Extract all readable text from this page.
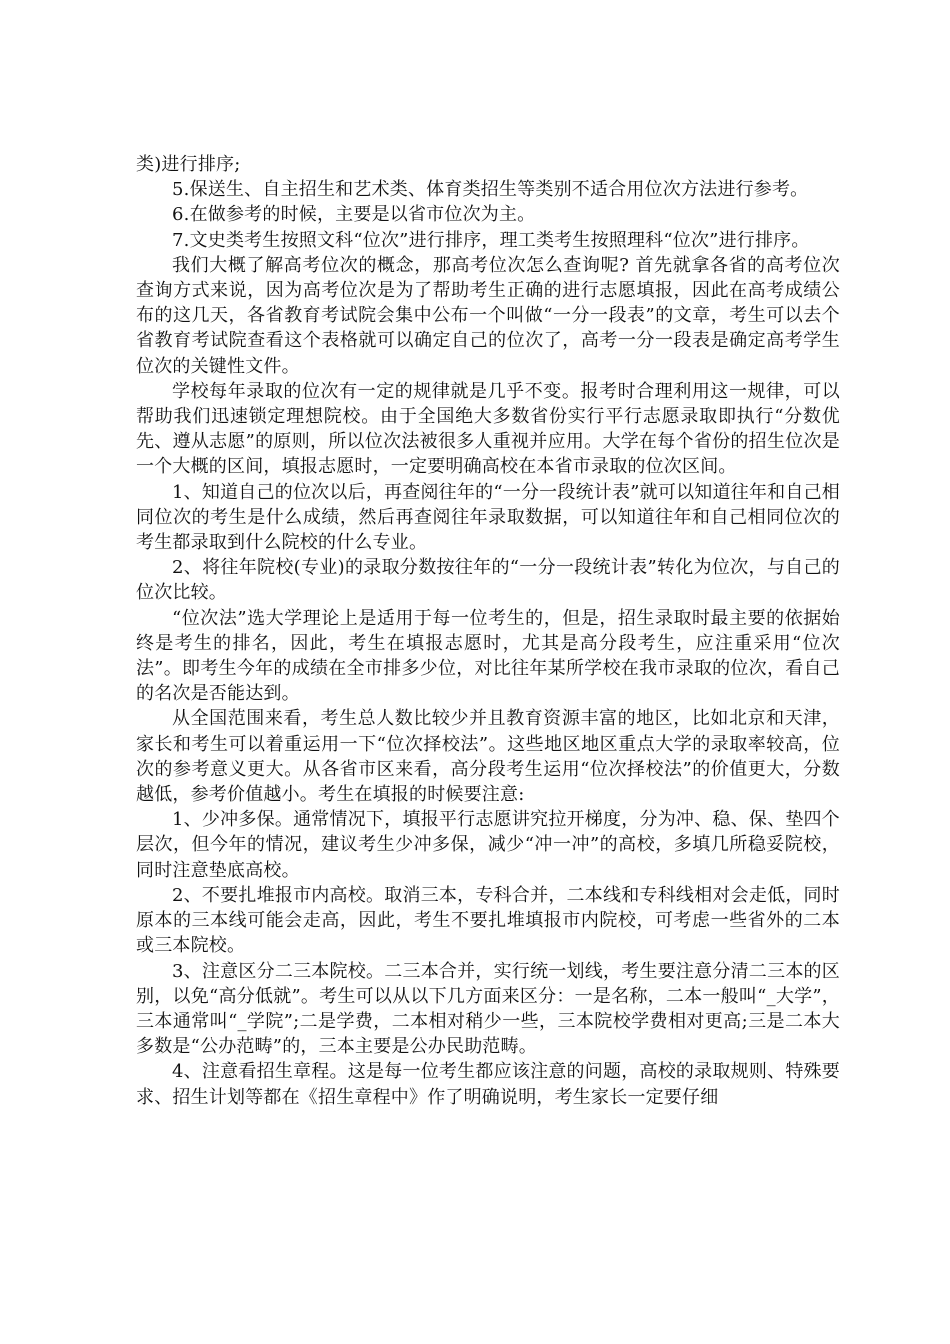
类)进行排序;

5.保送生、自主招生和艺术类、体育类招生等类别不适合用位次方法进行参考。

6.在做参考的时候，主要是以省市位次为主。

7.文史类考生按照文科“位次”进行排序，理工类考生按照理科“位次”进行排序。

我们大概了解高考位次的概念，那高考位次怎么查询呢? 首先就拿各省的高考位次查询方式来说，因为高考位次是为了帮助考生正确的进行志愿填报，因此在高考成绩公布的这几天，各省教育考试院会集中公布一个叫做“一分一段表”的文章，考生可以去个省教育考试院查看这个表格就可以确定自己的位次了，高考一分一段表是确定高考学生位次的关键性文件。

学校每年录取的位次有一定的规律就是几乎不变。报考时合理利用这一规律，可以帮助我们迅速锁定理想院校。由于全国绝大多数省份实行平行志愿录取即执行“分数优先、遵从志愿”的原则，所以位次法被很多人重视并应用。大学在每个省份的招生位次是一个大概的区间，填报志愿时，一定要明确高校在本省市录取的位次区间。

1、知道自己的位次以后，再查阅往年的“一分一段统计表”就可以知道往年和自己相同位次的考生是什么成绩，然后再查阅往年录取数据，可以知道往年和自己相同位次的考生都录取到什么院校的什么专业。

2、将往年院校(专业)的录取分数按往年的“一分一段统计表”转化为位次，与自己的位次比较。

“位次法”选大学理论上是适用于每一位考生的，但是，招生录取时最主要的依据始终是考生的排名，因此，考生在填报志愿时，尤其是高分段考生，应注重采用“位次法”。即考生今年的成绩在全市排多少位，对比往年某所学校在我市录取的位次，看自己的名次是否能达到。

从全国范围来看，考生总人数比较少并且教育资源丰富的地区，比如北京和天津，家长和考生可以着重运用一下“位次择校法”。这些地区地区重点大学的录取率较高，位次的参考意义更大。从各省市区来看，高分段考生运用“位次择校法”的价值更大，分数越低，参考价值越小。考生在填报的时候要注意:

1、少冲多保。通常情况下，填报平行志愿讲究拉开梯度，分为冲、稳、保、垫四个层次，但今年的情况，建议考生少冲多保，减少“冲一冲”的高校，多填几所稳妥院校，同时注意垫底高校。

2、不要扎堆报市内高校。取消三本，专科合并，二本线和专科线相对会走低，同时原本的三本线可能会走高，因此，考生不要扎堆填报市内院校，可考虑一些省外的二本或三本院校。

3、注意区分二三本院校。二三本合并，实行统一划线，考生要注意分清二三本的区别，以免“高分低就”。考生可以从以下几方面来区分：一是名称，二本一般叫“_大学”，三本通常叫“_学院”;二是学费，二本相对稍少一些，三本院校学费相对更高;三是二本大多数是“公办范畴”的，三本主要是公办民助范畴。

4、注意看招生章程。这是每一位考生都应该注意的问题，高校的录取规则、特殊要求、招生计划等都在《招生章程中》作了明确说明，考生家长一定要仔细
